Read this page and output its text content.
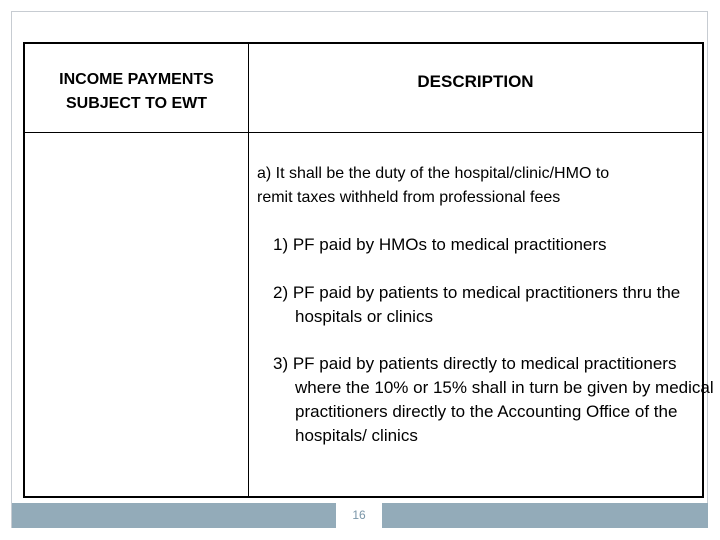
INCOME PAYMENTS
SUBJECT TO EWT
DESCRIPTION
a) It shall be the duty of the hospital/clinic/HMO to
remit taxes withheld from professional fees
1) PF paid by HMOs to medical practitioners
2) PF paid by patients to medical practitioners thru the hospitals or clinics
3) PF paid by patients directly to medical practitioners where the 10% or 15% shall in turn be given by medical practitioners directly to the Accounting Office of the hospitals/ clinics
16
